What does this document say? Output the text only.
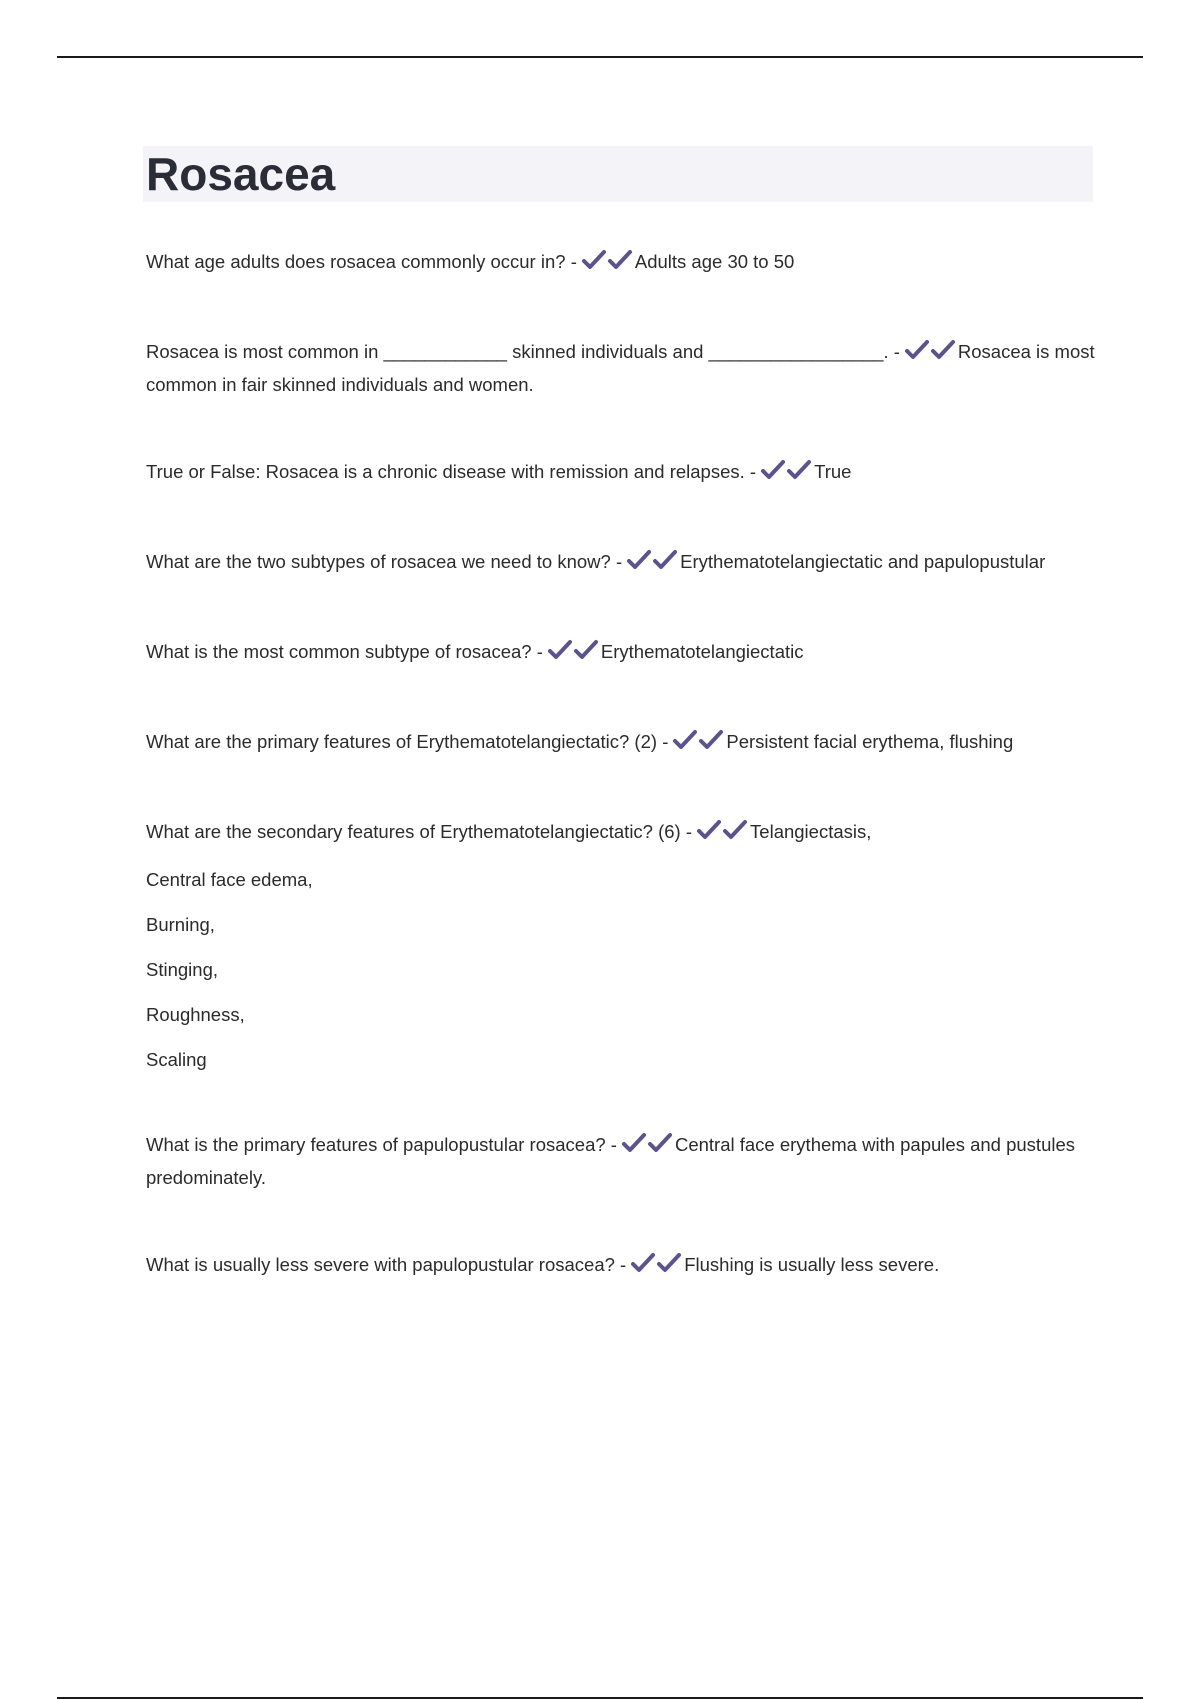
Rosacea

What age adults does rosacea commonly occur in? -	Adults age 30 to 50

Rosacea is most common in ____________ skinned individuals and _________________. -	Rosacea is most common in fair skinned individuals and women.

True or False: Rosacea is a chronic disease with remission and relapses. -	True

What are the two subtypes of rosacea we need to know? -	Erythematotelangiectatic and papulopustular

What is the most common subtype of rosacea? -	Erythematotelangiectatic

What are the primary features of Erythematotelangiectatic? (2) -	Persistent facial erythema, flushing

What are the secondary features of Erythematotelangiectatic? (6) -	Telangiectasis,

Central face edema,

Burning,

Stinging,

Roughness,

Scaling

What is the primary features of papulopustular rosacea? -	Central face erythema with papules and pustules predominately.

What is usually less severe with papulopustular rosacea? -	Flushing is usually less severe.
